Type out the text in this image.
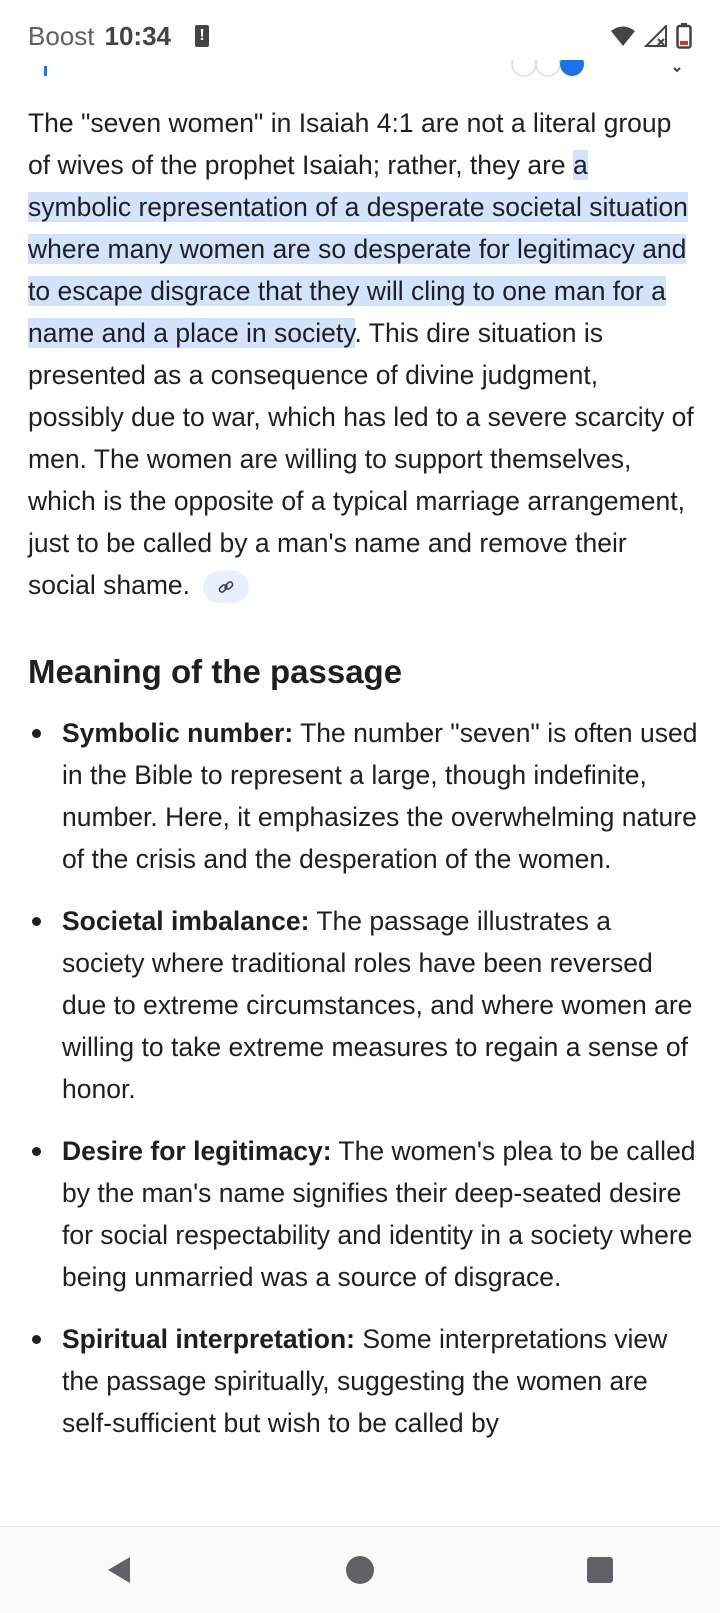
Boost 10:34 !

The "seven women" in Isaiah 4:1 are not a literal group of wives of the prophet Isaiah; rather, they are a symbolic representation of a desperate societal situation where many women are so desperate for legitimacy and to escape disgrace that they will cling to one man for a name and a place in society. This dire situation is presented as a consequence of divine judgment, possibly due to war, which has led to a severe scarcity of men. The women are willing to support themselves, which is the opposite of a typical marriage arrangement, just to be called by a man's name and remove their social shame.

Meaning of the passage
Symbolic number: The number "seven" is often used in the Bible to represent a large, though indefinite, number. Here, it emphasizes the overwhelming nature of the crisis and the desperation of the women.
Societal imbalance: The passage illustrates a society where traditional roles have been reversed due to extreme circumstances, and where women are willing to take extreme measures to regain a sense of honor.
Desire for legitimacy: The women's plea to be called by the man's name signifies their deep-seated desire for social respectability and identity in a society where being unmarried was a source of disgrace.
Spiritual interpretation: Some interpretations view the passage spiritually, suggesting the women are self-sufficient but wish to be called by
